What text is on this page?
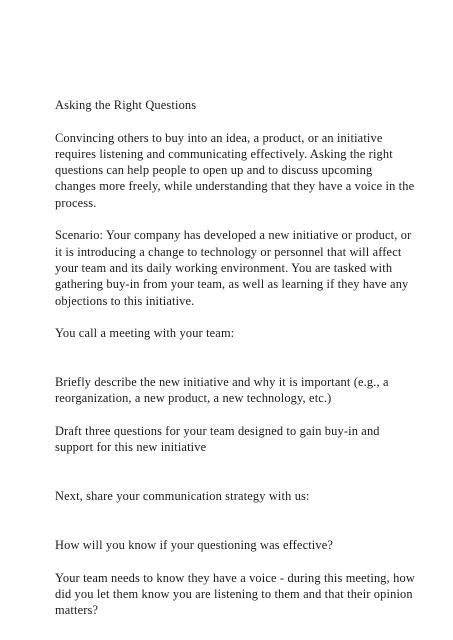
Asking the Right Questions

Convincing others to buy into an idea, a product, or an initiative requires listening and communicating effectively. Asking the right questions can help people to open up and to discuss upcoming changes more freely, while understanding that they have a voice in the process.

Scenario: Your company has developed a new initiative or product, or it is introducing a change to technology or personnel that will affect your team and its daily working environment. You are tasked with gathering buy-in from your team, as well as learning if they have any objections to this initiative.

You call a meeting with your team:

Briefly describe the new initiative and why it is important (e.g., a reorganization, a new product, a new technology, etc.)

Draft three questions for your team designed to gain buy-in and support for this new initiative

Next, share your communication strategy with us:

How will you know if your questioning was effective?

Your team needs to know they have a voice - during this meeting, how did you let them know you are listening to them and that their opinion matters?
